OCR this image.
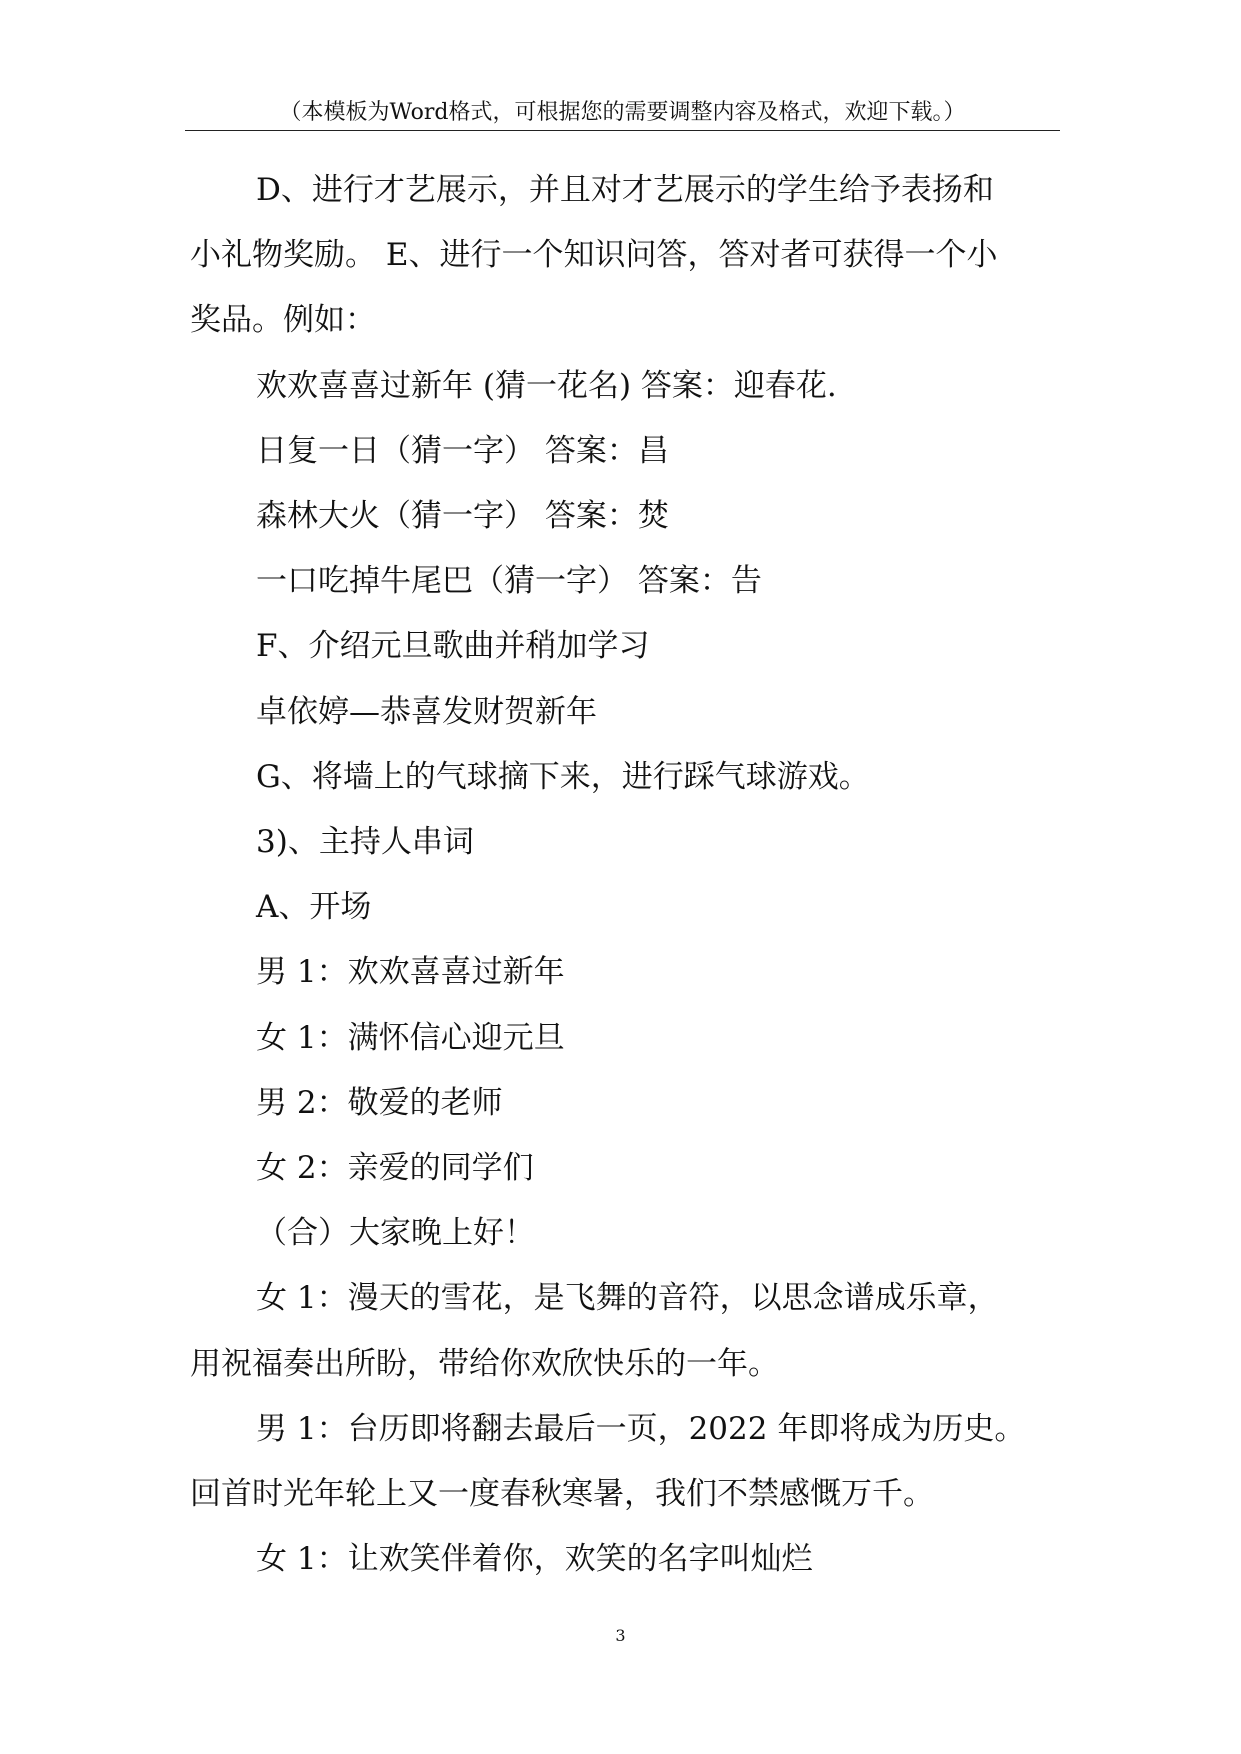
（本模板为Word格式，可根据您的需要调整内容及格式，欢迎下载。）

D、进行才艺展示，并且对才艺展示的学生给予表扬和

小礼物奖励。 E、进行一个知识问答，答对者可获得一个小

奖品。例如：

欢欢喜喜过新年 (猜一花名) 答案：迎春花.

日复一日（猜一字） 答案：昌

森林大火（猜一字） 答案：焚

一口吃掉牛尾巴（猜一字） 答案：告

F、介绍元旦歌曲并稍加学习

卓依婷—恭喜发财贺新年

G、将墙上的气球摘下来，进行踩气球游戏。

3)、主持人串词

A、开场

男 1：欢欢喜喜过新年

女 1：满怀信心迎元旦

男 2：敬爱的老师

女 2：亲爱的同学们

（合）大家晚上好！

女 1：漫天的雪花，是飞舞的音符，以思念谱成乐章，

用祝福奏出所盼，带给你欢欣快乐的一年。

男 1：台历即将翻去最后一页，2022 年即将成为历史。

回首时光年轮上又一度春秋寒暑，我们不禁感慨万千。

女 1：让欢笑伴着你，欢笑的名字叫灿烂

3
